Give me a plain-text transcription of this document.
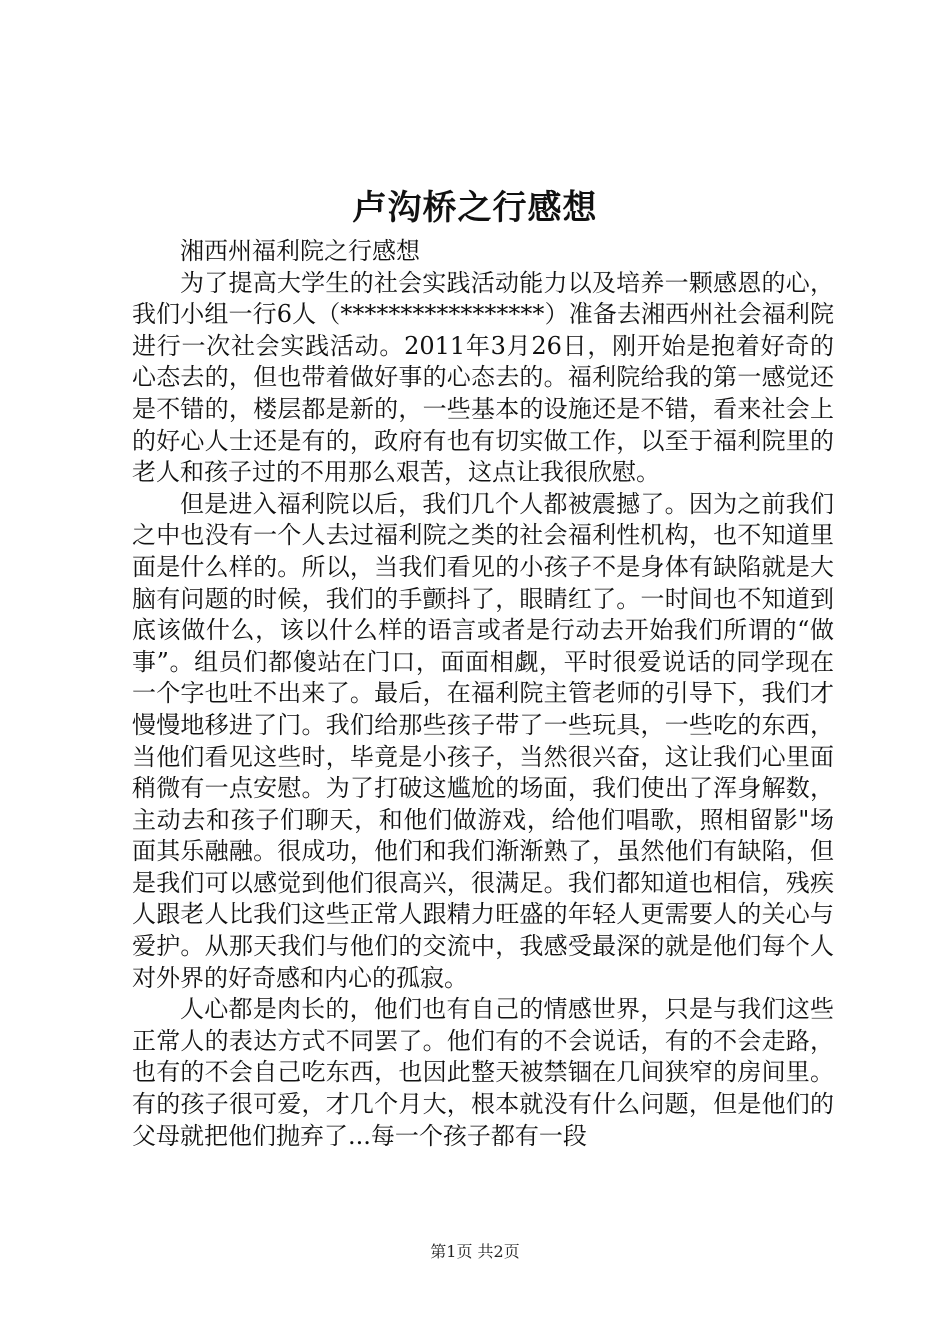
卢沟桥之行感想

湘西州福利院之行感想

为了提高大学生的社会实践活动能力以及培养一颗感恩的心，我们小组一行6人（*****************）准备去湘西州社会福利院进行一次社会实践活动。2011年3月26日，刚开始是抱着好奇的心态去的，但也带着做好事的心态去的。福利院给我的第一感觉还是不错的，楼层都是新的，一些基本的设施还是不错，看来社会上的好心人士还是有的，政府有也有切实做工作，以至于福利院里的老人和孩子过的不用那么艰苦，这点让我很欣慰。

但是进入福利院以后，我们几个人都被震撼了。因为之前我们之中也没有一个人去过福利院之类的社会福利性机构，也不知道里面是什么样的。所以，当我们看见的小孩子不是身体有缺陷就是大脑有问题的时候，我们的手颤抖了，眼睛红了。一时间也不知道到底该做什么，该以什么样的语言或者是行动去开始我们所谓的“做事”。组员们都傻站在门口，面面相觑，平时很爱说话的同学现在一个字也吐不出来了。最后，在福利院主管老师的引导下，我们才慢慢地移进了门。我们给那些孩子带了一些玩具，一些吃的东西，当他们看见这些时，毕竟是小孩子，当然很兴奋，这让我们心里面稍微有一点安慰。为了打破这尴尬的场面，我们使出了浑身解数，主动去和孩子们聊天，和他们做游戏，给他们唱歌，照相留影"场面其乐融融。很成功，他们和我们渐渐熟了，虽然他们有缺陷，但是我们可以感觉到他们很高兴，很满足。我们都知道也相信，残疾人跟老人比我们这些正常人跟精力旺盛的年轻人更需要人的关心与爱护。从那天我们与他们的交流中，我感受最深的就是他们每个人对外界的好奇感和内心的孤寂。

人心都是肉长的，他们也有自己的情感世界，只是与我们这些正常人的表达方式不同罢了。他们有的不会说话，有的不会走路，也有的不会自己吃东西，也因此整天被禁锢在几间狭窄的房间里。有的孩子很可爱，才几个月大，根本就没有什么问题，但是他们的父母就把他们抛弃了...每一个孩子都有一段

第1页 共2页
